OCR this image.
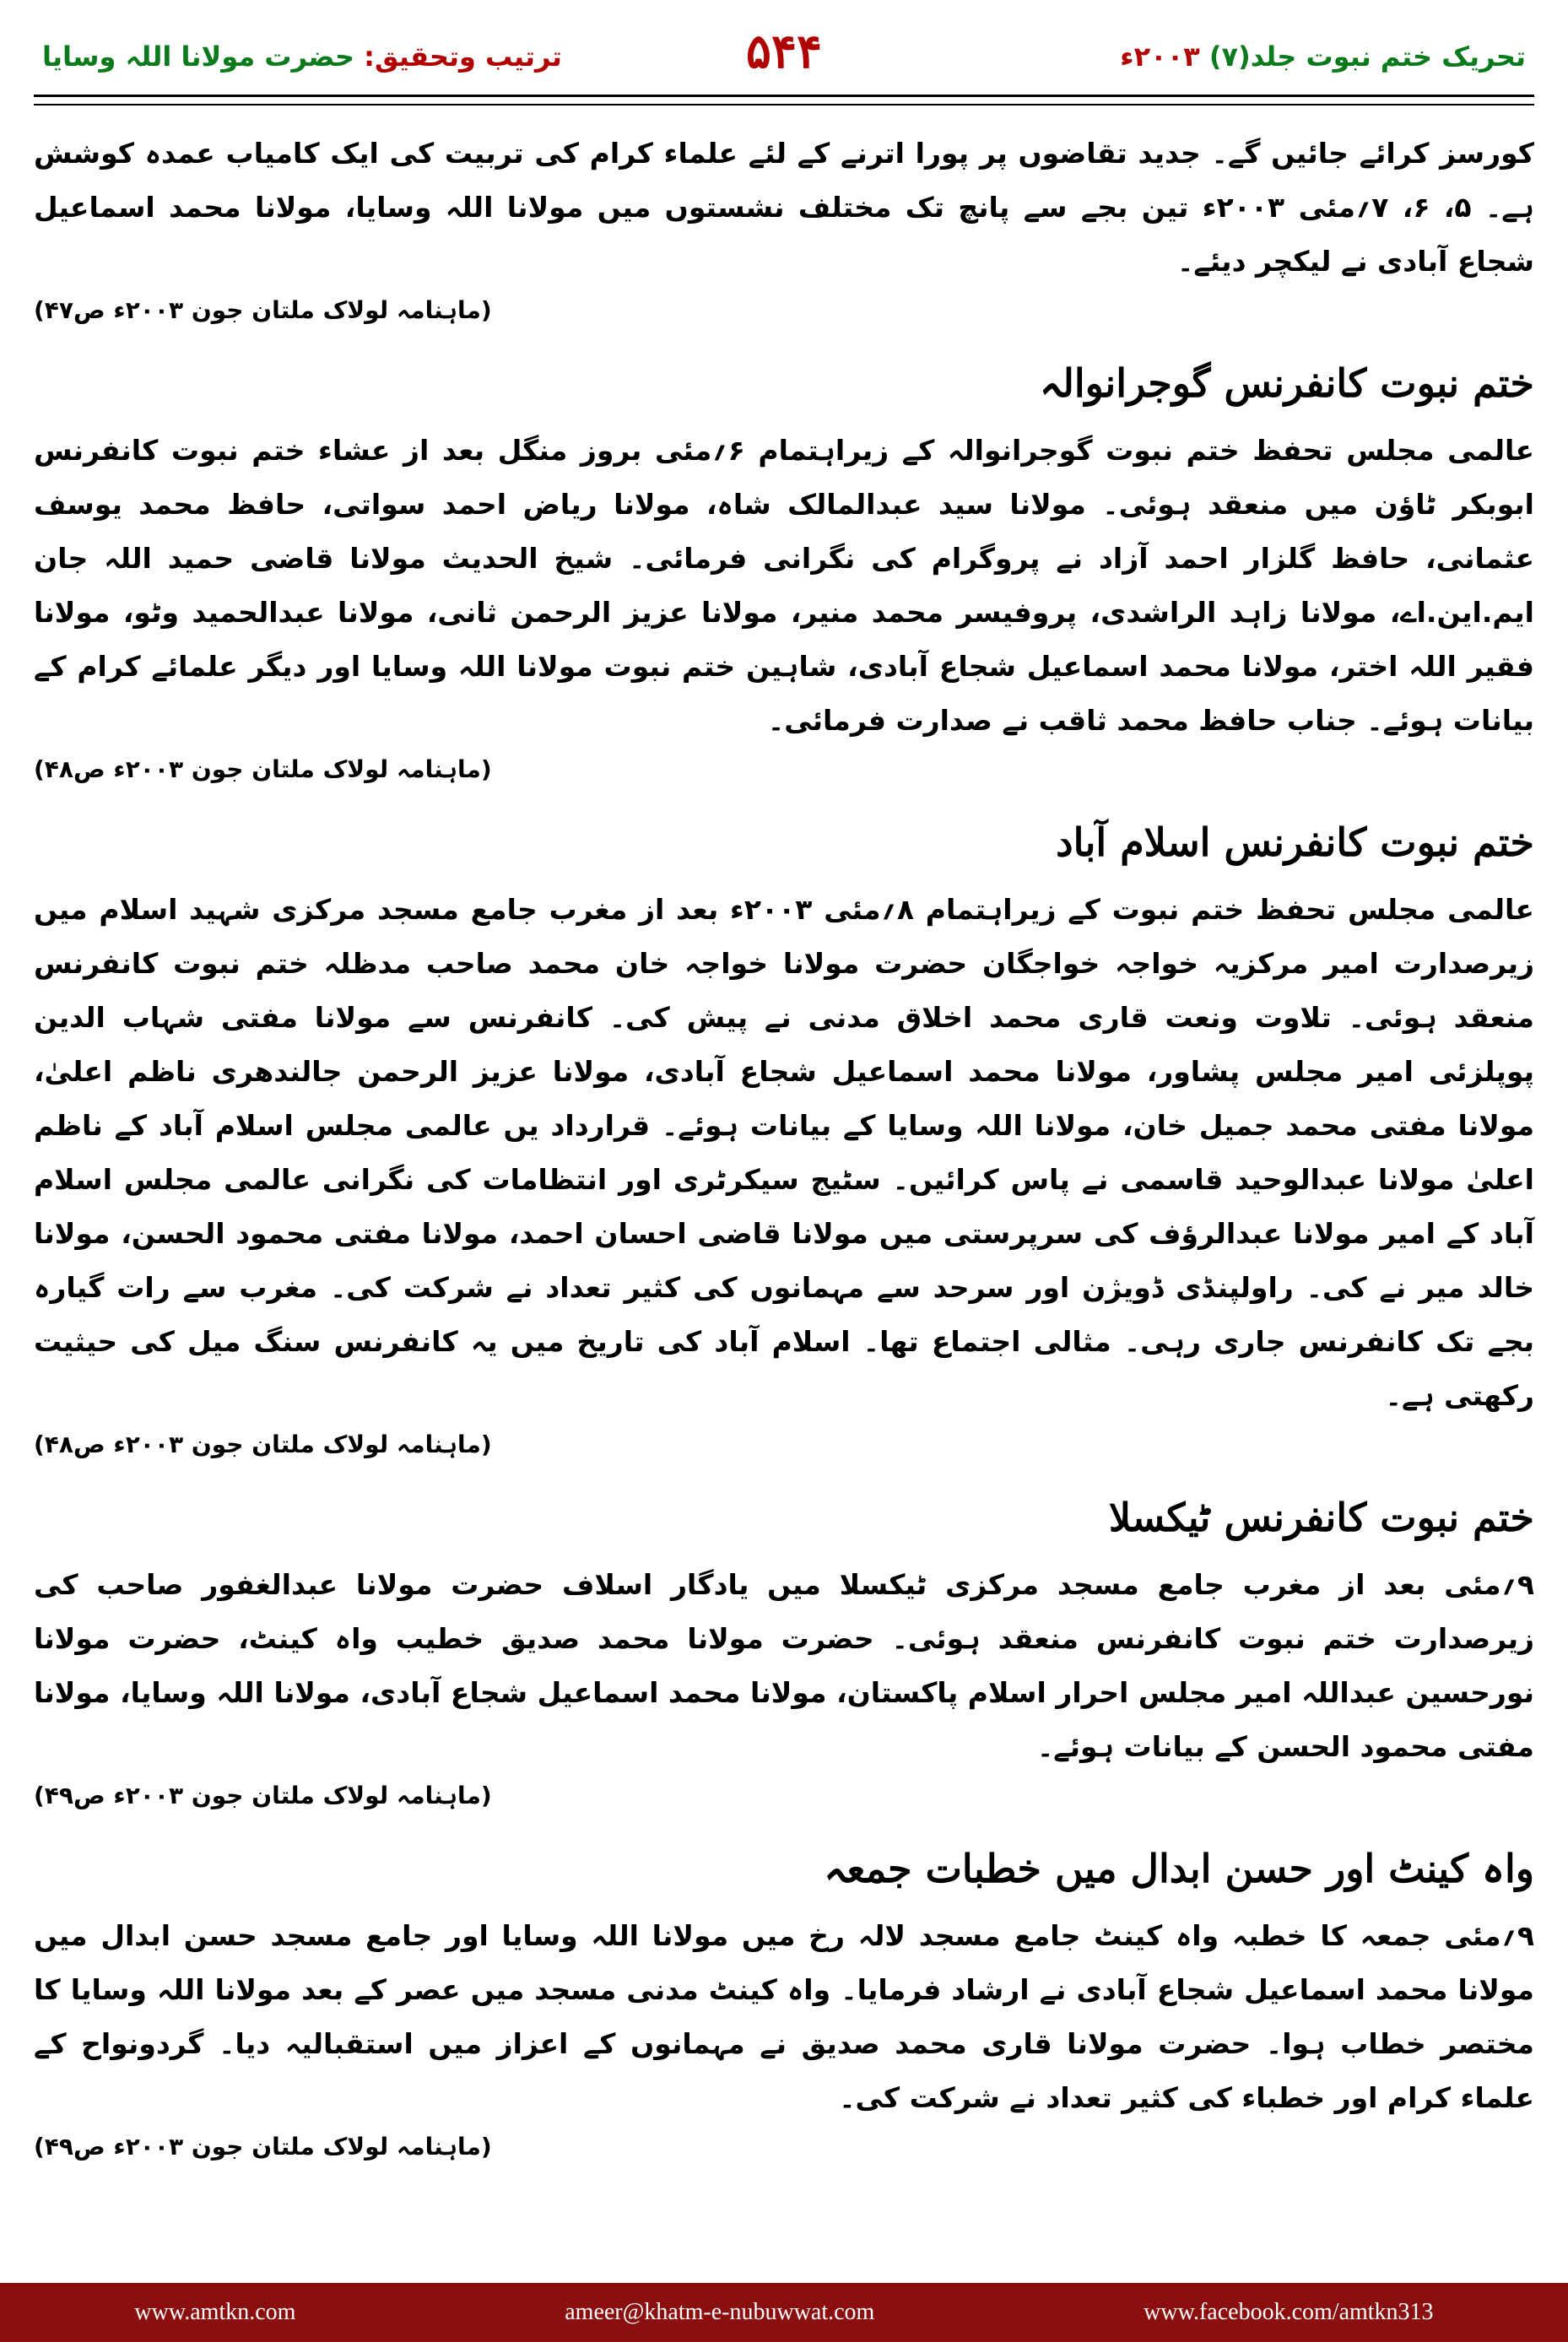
تحریک ختم نبوت جلد(۷) ۲۰۰۳ء
۵۴۴
ترتیب وتحقیق: حضرت مولانا اللہ وسایا

کورسز کرائے جائیں گے۔ جدید تقاضوں پر پورا اترنے کے لئے علماء کرام کی تربیت کی ایک کامیاب عمدہ کوشش ہے۔ ۵، ۶، ۷؍مئی ۲۰۰۳ء تین بجے سے پانچ تک مختلف نشستوں میں مولانا اللہ وسایا، مولانا محمد اسماعیل شجاع آبادی نے لیکچر دیئے۔

(ماہنامہ لولاک ملتان جون ۲۰۰۳ء ص۴۷)

ختم نبوت کانفرنس گوجرانوالہ

عالمی مجلس تحفظ ختم نبوت گوجرانوالہ کے زیراہتمام ۶؍مئی بروز منگل بعد از عشاء ختم نبوت کانفرنس ابوبکر ٹاؤن میں منعقد ہوئی۔ مولانا سید عبدالمالک شاہ، مولانا ریاض احمد سواتی، حافظ محمد یوسف عثمانی، حافظ گلزار احمد آزاد نے پروگرام کی نگرانی فرمائی۔ شیخ الحدیث مولانا قاضی حمید اللہ جان ایم.این.اے، مولانا زاہد الراشدی، پروفیسر محمد منیر، مولانا عزیز الرحمن ثانی، مولانا عبدالحمید وٹو، مولانا فقیر اللہ اختر، مولانا محمد اسماعیل شجاع آبادی، شاہین ختم نبوت مولانا اللہ وسایا اور دیگر علمائے کرام کے بیانات ہوئے۔ جناب حافظ محمد ثاقب نے صدارت فرمائی۔

(ماہنامہ لولاک ملتان جون ۲۰۰۳ء ص۴۸)

ختم نبوت کانفرنس اسلام آباد

عالمی مجلس تحفظ ختم نبوت کے زیراہتمام ۸؍مئی ۲۰۰۳ء بعد از مغرب جامع مسجد مرکزی شہید اسلام میں زیرصدارت امیر مرکزیہ خواجہ خواجگان حضرت مولانا خواجہ خان محمد صاحب مدظلہ ختم نبوت کانفرنس منعقد ہوئی۔ تلاوت ونعت قاری محمد اخلاق مدنی نے پیش کی۔ کانفرنس سے مولانا مفتی شہاب الدین پوپلزئی امیر مجلس پشاور، مولانا محمد اسماعیل شجاع آبادی، مولانا عزیز الرحمن جالندھری ناظم اعلیٰ، مولانا مفتی محمد جمیل خان، مولانا اللہ وسایا کے بیانات ہوئے۔ قرارداد یں عالمی مجلس اسلام آباد کے ناظم اعلیٰ مولانا عبدالوحید قاسمی نے پاس کرائیں۔ سٹیج سیکرٹری اور انتظامات کی نگرانی عالمی مجلس اسلام آباد کے امیر مولانا عبدالرؤف کی سرپرستی میں مولانا قاضی احسان احمد، مولانا مفتی محمود الحسن، مولانا خالد میر نے کی۔ راولپنڈی ڈویژن اور سرحد سے مہمانوں کی کثیر تعداد نے شرکت کی۔ مغرب سے رات گیارہ بجے تک کانفرنس جاری رہی۔ مثالی اجتماع تھا۔ اسلام آباد کی تاریخ میں یہ کانفرنس سنگ میل کی حیثیت رکھتی ہے۔

(ماہنامہ لولاک ملتان جون ۲۰۰۳ء ص۴۸)

ختم نبوت کانفرنس ٹیکسلا

۹؍مئی بعد از مغرب جامع مسجد مرکزی ٹیکسلا میں یادگار اسلاف حضرت مولانا عبدالغفور صاحب کی زیرصدارت ختم نبوت کانفرنس منعقد ہوئی۔ حضرت مولانا محمد صدیق خطیب واہ کینٹ، حضرت مولانا نورحسین عبداللہ امیر مجلس احرار اسلام پاکستان، مولانا محمد اسماعیل شجاع آبادی، مولانا اللہ وسایا، مولانا مفتی محمود الحسن کے بیانات ہوئے۔

(ماہنامہ لولاک ملتان جون ۲۰۰۳ء ص۴۹)

واہ کینٹ اور حسن ابدال میں خطبات جمعہ

۹؍مئی جمعہ کا خطبہ واہ کینٹ جامع مسجد لالہ رخ میں مولانا اللہ وسایا اور جامع مسجد حسن ابدال میں مولانا محمد اسماعیل شجاع آبادی نے ارشاد فرمایا۔ واہ کینٹ مدنی مسجد میں عصر کے بعد مولانا اللہ وسایا کا مختصر خطاب ہوا۔ حضرت مولانا قاری محمد صدیق نے مہمانوں کے اعزاز میں استقبالیہ دیا۔ گردونواح کے علماء کرام اور خطباء کی کثیر تعداد نے شرکت کی۔

(ماہنامہ لولاک ملتان جون ۲۰۰۳ء ص۴۹)

www.amtkn.com	ameer@khatm-e-nubuwwat.com	www.facebook.com/amtkn313
